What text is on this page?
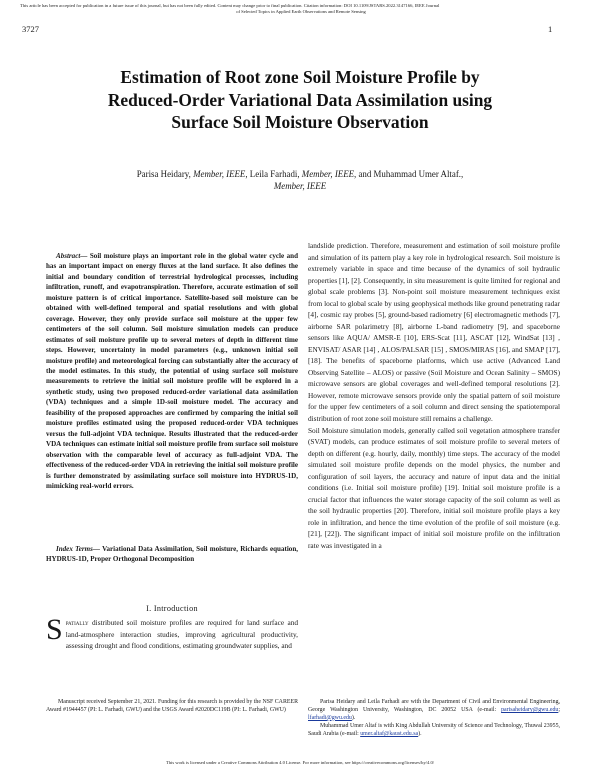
This article has been accepted for publication in a future issue of this journal, but has not been fully edited. Content may change prior to final publication. Citation information: DOI 10.1109/JSTARS.2022.3147166, IEEE Journal
of Selected Topics in Applied Earth Observations and Remote Sensing
3727	1
Estimation of Root zone Soil Moisture Profile by Reduced-Order Variational Data Assimilation using Surface Soil Moisture Observation
Parisa Heidary, Member, IEEE, Leila Farhadi, Member, IEEE, and Muhammad Umer Altaf.,
Member, IEEE
Abstract— Soil moisture plays an important role in the global water cycle and has an important impact on energy fluxes at the land surface. It also defines the initial and boundary condition of terrestrial hydrological processes, including infiltration, runoff, and evapotranspiration. Therefore, accurate estimation of soil moisture pattern is of critical importance. Satellite-based soil moisture can be obtained with well-defined temporal and spatial resolutions and with global coverage. However, they only provide surface soil moisture at the upper few centimeters of the soil column. Soil moisture simulation models can produce estimates of soil moisture profile up to several meters of depth in different time steps. However, uncertainty in model parameters (e.g., unknown initial soil moisture profile) and meteorological forcing can substantially alter the accuracy of the model estimates. In this study, the potential of using surface soil moisture measurements to retrieve the initial soil moisture profile will be explored in a synthetic study, using two proposed reduced-order variational data assimilation (VDA) techniques and a simple 1D-soil moisture model. The accuracy and feasibility of the proposed approaches are confirmed by comparing the initial soil moisture profiles estimated using the proposed reduced-order VDA techniques versus the full-adjoint VDA technique. Results illustrated that the reduced-order VDA techniques can estimate initial soil moisture profile from surface soil moisture observation with the comparable level of accuracy as full-adjoint VDA. The effectiveness of the reduced-order VDA in retrieving the initial soil moisture profile is further demonstrated by assimilating surface soil moisture into HYDRUS-1D, mimicking real-world errors.
Index Terms— Variational Data Assimilation, Soil moisture, Richards equation, HYDRUS-1D, Proper Orthogonal Decomposition
I. Introduction
Spatially distributed soil moisture profiles are required for land surface and land-atmosphere interaction studies, improving agricultural productivity, assessing drought and flood conditions, estimating groundwater supplies, and
Manuscript received September 21, 2021. Funding for this research is provided by the NSF CAREER Award #1944457 (PI: L. Farhadi, GWU) and the USGS Award #2020DC119B (PI: L. Farhadi, GWU)

landslide prediction. Therefore, measurement and estimation of soil moisture profile and simulation of its pattern play a key role in hydrological research. Soil moisture is extremely variable in space and time because of the dynamics of soil hydraulic properties [1], [2]. Consequently, in situ measurement is quite limited for regional and global scale problems [3]. Non-point soil moisture measurement techniques exist from local to global scale by using geophysical methods like ground penetrating radar [4], cosmic ray probes [5], ground-based radiometry [6] electromagnetic methods [7], airborne SAR polarimetry [8], airborne L-band radiometry [9], and spaceborne sensors like AQUA/ AMSR-E [10], ERS-Scat [11], ASCAT [12], WindSat [13] , ENVISAT/ ASAR [14] , ALOS/PALSAR [15] , SMOS/MIRAS [16], and SMAP [17], [18]. The benefits of spaceborne platforms, which use active (Advanced Land Observing Satellite – ALOS) or passive (Soil Moisture and Ocean Salinity – SMOS) microwave sensors are global coverages and well-defined temporal resolutions [2]. However, remote microwave sensors provide only the spatial pattern of soil moisture for the upper few centimeters of a soil column and direct sensing the spatiotemporal distribution of root zone soil moisture still remains a challenge.

Soil Moisture simulation models, generally called soil vegetation atmosphere transfer (SVAT) models, can produce estimates of soil moisture profile to several meters of depth on different (e.g. hourly, daily, monthly) time steps. The accuracy of the model simulated soil moisture profile depends on the model physics, the number and configuration of soil layers, the accuracy and nature of input data and the initial conditions (i.e. Initial soil moisture profile) [19]. Initial soil moisture profile is a crucial factor that influences the water storage capacity of the soil column as well as the soil hydraulic properties [20]. Therefore, initial soil moisture profile plays a key role in infiltration, and hence the time evolution of the profile of soil moisture (e.g. [21], [22]). The significant impact of initial soil moisture profile on the infiltration rate was investigated in a

Parisa Heidary and Leila Farhadi are with the Department of Civil and Environmental Engineering, George Washington University, Washington, DC 20052 USA (e-mail: parisaheidary@gwu.edu; lfarhadi@gwu.edu).

Muhammad Umer Altaf is with King Abdullah University of Science and Technology, Thuwal 23955, Saudi Arabia (e-mail: umer.altaf@kaust.edu.sa).

This work is licensed under a Creative Commons Attribution 4.0 License. For more information, see https://creativecommons.org/licenses/by/4.0/
